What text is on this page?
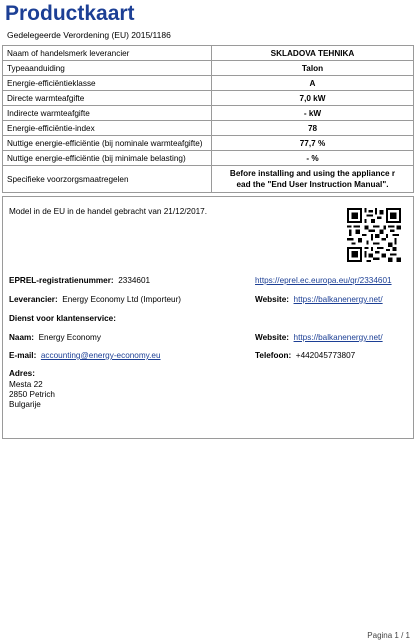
Productkaart
Gedelegeerde Verordening (EU) 2015/1186
Naam of handelsmerk leverancier	SKLADOVA TEHNIKA
Typeaanduiding	Talon
Energie-efficiëntieklasse	A
Directe warmteafgifte	7,0 kW
Indirecte warmteafgifte	- kW
Energie-efficiëntie-index	78
Nuttige energie-efficiëntie (bij nominale warmteafgifte)	77,7 %
Nuttige energie-efficiëntie (bij minimale belasting)	- %
Specifieke voorzorgsmaatregelen	Before installing and using the appliance r
ead the "End User Instruction Manual".
Model in de EU in de handel gebracht van 21/12/2017.
EPREL-registratienummer: 2334601	https://eprel.ec.europa.eu/qr/2334601
Leverancier: Energy Economy Ltd (Importeur)	Website: https://balkanenergy.net/
Dienst voor klantenservice:
Naam: Energy Economy	Website: https://balkanenergy.net/
E-mail: accounting@energy-economy.eu	Telefoon: +442045773807
Adres:
Mesta 22
2850 Petrich
Bulgarije
Pagina 1 / 1
